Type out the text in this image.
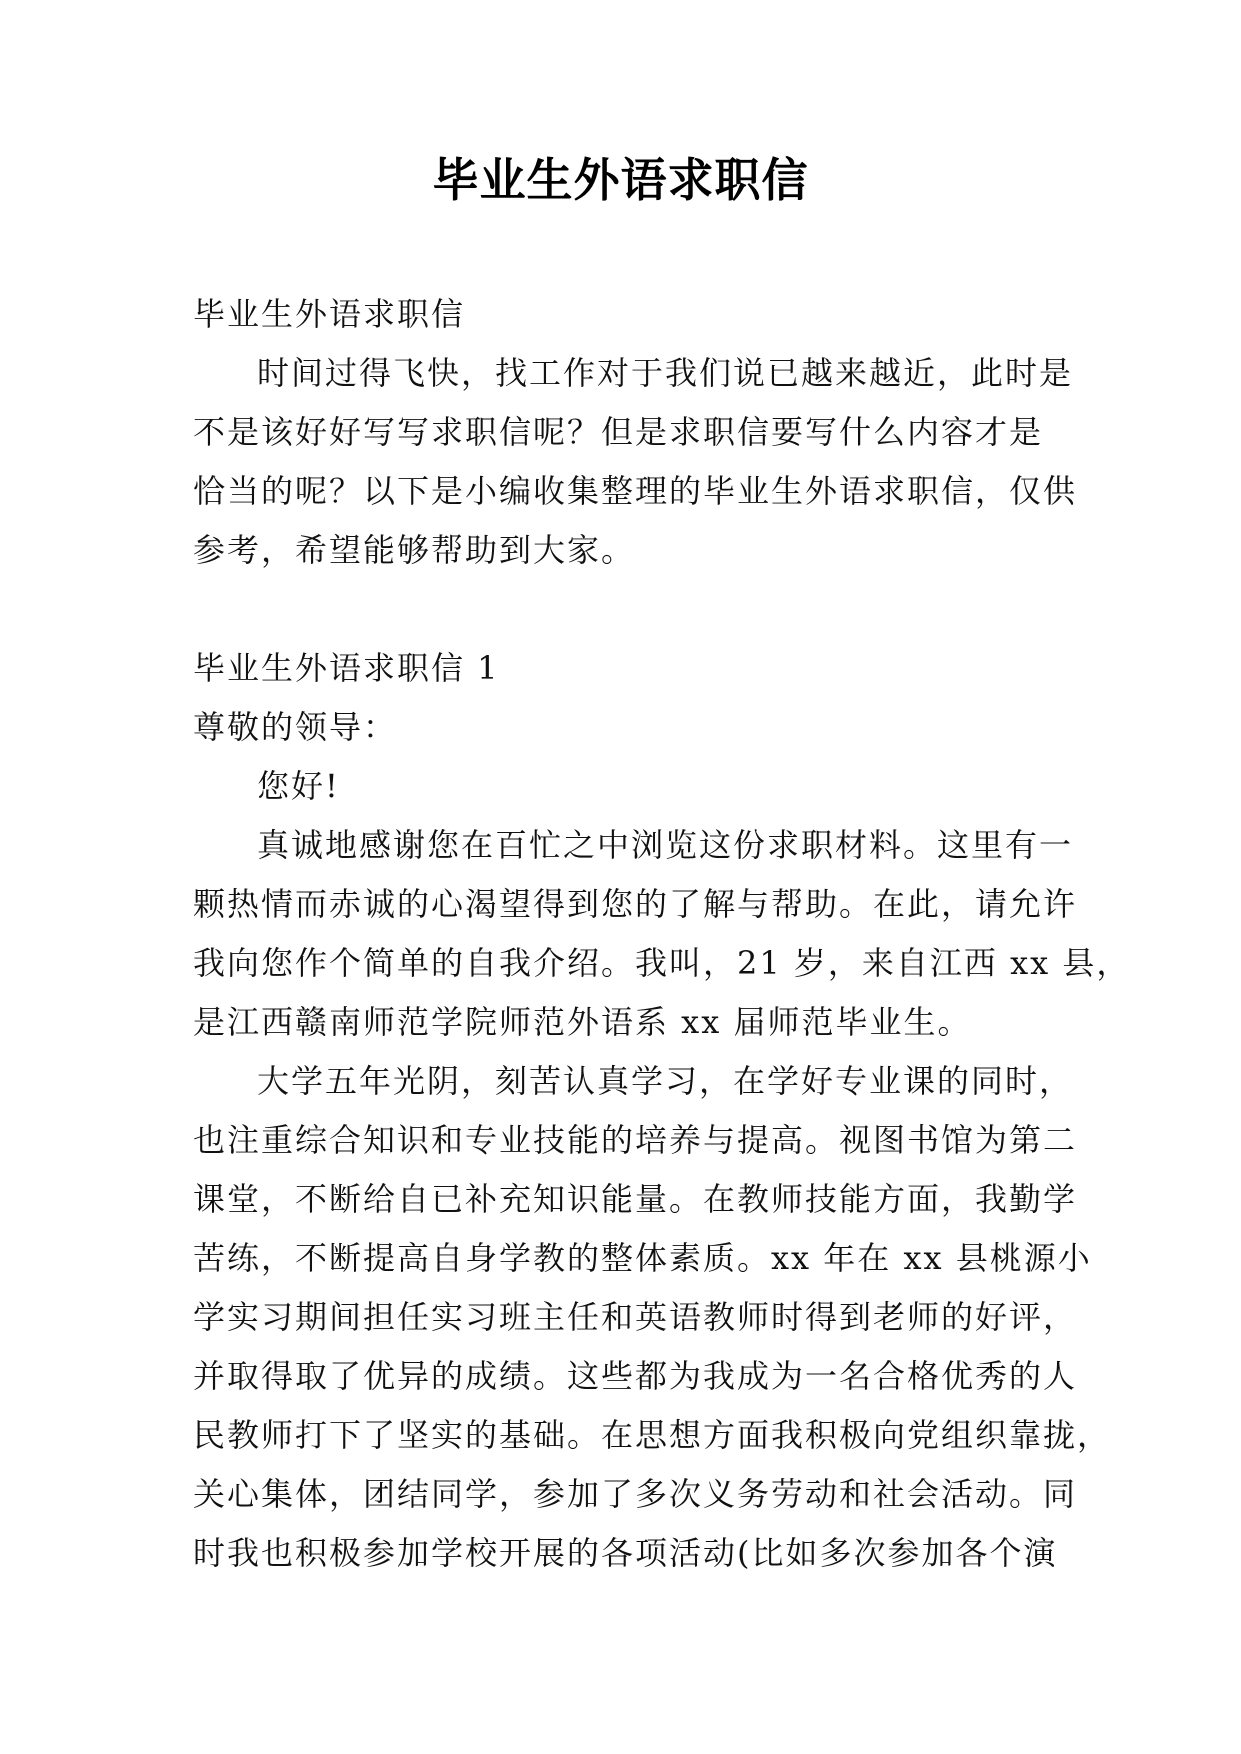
毕业生外语求职信
毕业生外语求职信
时间过得飞快，找工作对于我们说已越来越近，此时是
不是该好好写写求职信呢？但是求职信要写什么内容才是
恰当的呢？以下是小编收集整理的毕业生外语求职信，仅供
参考，希望能够帮助到大家。
毕业生外语求职信 1
尊敬的领导：
您好!
真诚地感谢您在百忙之中浏览这份求职材料。这里有一
颗热情而赤诚的心渴望得到您的了解与帮助。在此，请允许
我向您作个简单的自我介绍。我叫，21 岁，来自江西 xx 县，
是江西赣南师范学院师范外语系 xx 届师范毕业生。
大学五年光阴，刻苦认真学习，在学好专业课的同时，
也注重综合知识和专业技能的培养与提高。视图书馆为第二
课堂，不断给自已补充知识能量。在教师技能方面，我勤学
苦练，不断提高自身学教的整体素质。xx 年在 xx 县桃源小
学实习期间担任实习班主任和英语教师时得到老师的好评，
并取得取了优异的成绩。这些都为我成为一名合格优秀的人
民教师打下了坚实的基础。在思想方面我积极向党组织靠拢，
关心集体，团结同学，参加了多次义务劳动和社会活动。同
时我也积极参加学校开展的各项活动(比如多次参加各个演
